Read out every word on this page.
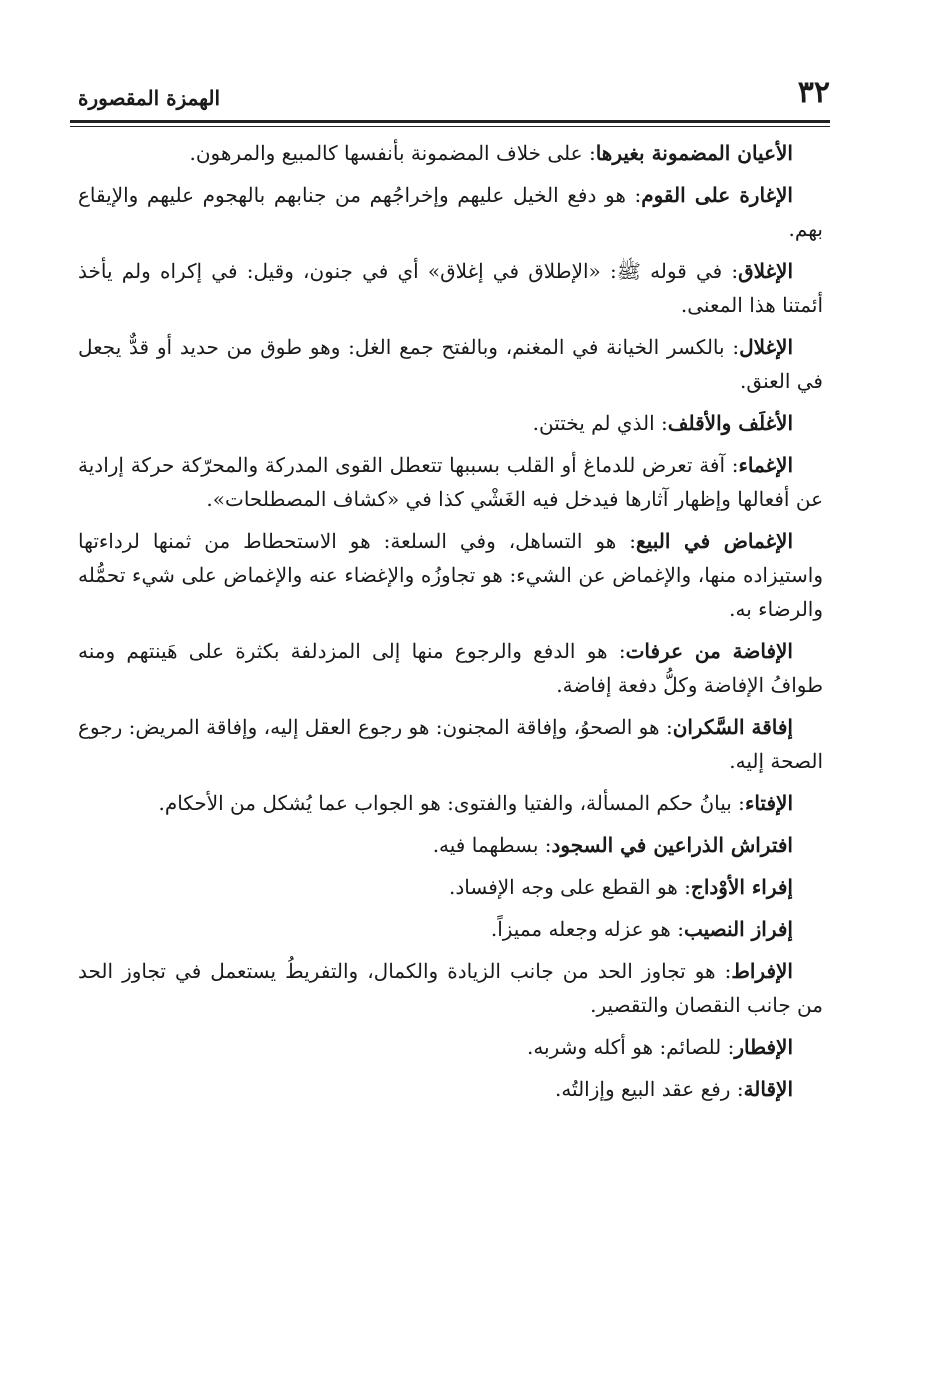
٣٢
الهمزة المقصورة

الأعيان المضمونة بغيرها: على خلاف المضمونة بأنفسها كالمبيع والمرهون.

الإغارة على القوم: هو دفع الخيل عليهم وإخراجُهم من جنابهم بالهجوم عليهم والإيقاع بهم.

الإغلاق: في قوله ﷺ: «الإطلاق في إغلاق» أي في جنون، وقيل: في إكراه ولم يأخذ أئمتنا هذا المعنى.

الإغلال: بالكسر الخيانة في المغنم، وبالفتح جمع الغل: وهو طوق من حديد أو قدٌّ يجعل في العنق.

الأغلَف والأقلف: الذي لم يختتن.

الإغماء: آفة تعرض للدماغ أو القلب بسببها تتعطل القوى المدركة والمحرّكة حركة إرادية عن أفعالها وإظهار آثارها فيدخل فيه الغَشْي كذا في «كشاف المصطلحات».

الإغماض في البيع: هو التساهل، وفي السلعة: هو الاستحطاط من ثمنها لرداءتها واستيزاده منها، والإغماض عن الشيء: هو تجاوزُه والإغضاء عنه والإغماض على شيء تحمُّله والرضاء به.

الإفاضة من عرفات: هو الدفع والرجوع منها إلى المزدلفة بكثرة على هَينتهم ومنه طوافُ الإفاضة وكلُّ دفعة إفاضة.

إفاقة السَّكران: هو الصحوُ، وإفاقة المجنون: هو رجوع العقل إليه، وإفاقة المريض: رجوع الصحة إليه.

الإفتاء: بيانُ حكم المسألة، والفتيا والفتوى: هو الجواب عما يُشكل من الأحكام.

افتراش الذراعين في السجود: بسطهما فيه.

إفراء الأوْداج: هو القطع على وجه الإفساد.

إفراز النصيب: هو عزله وجعله مميزاً.

الإفراط: هو تجاوز الحد من جانب الزيادة والكمال، والتفريطُ يستعمل في تجاوز الحد من جانب النقصان والتقصير.

الإفطار: للصائم: هو أكله وشربه.

الإقالة: رفع عقد البيع وإزالتُه.
